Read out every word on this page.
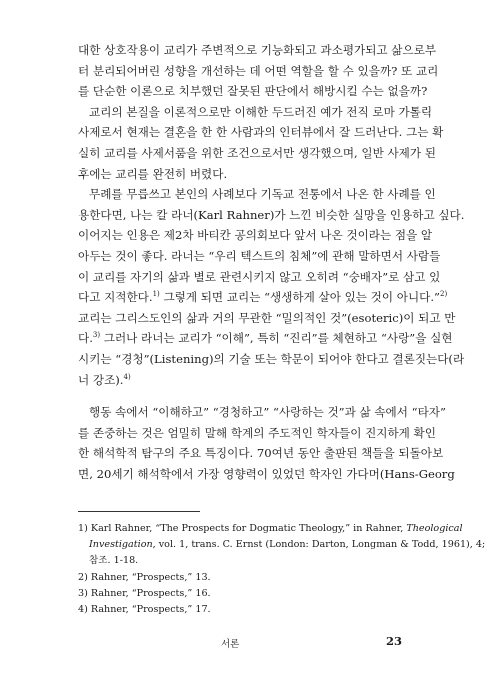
대한 상호작용이 교리가 주변적으로 기능화되고 과소평가되고 삶으로부
터 분리되어버린 성향을 개선하는 데 어떤 역할을 할 수 있을까? 또 교리
를 단순한 이론으로 치부했던 잘못된 판단에서 해방시킬 수는 없을까?

교리의 본질을 이론적으로만 이해한 두드러진 예가 전직 로마 가톨릭
사제로서 현재는 결혼을 한 한 사람과의 인터뷰에서 잘 드러난다. 그는 확
실히 교리를 사제서품을 위한 조건으로서만 생각했으며, 일반 사제가 된
후에는 교리를 완전히 버렸다.

무례를 무릅쓰고 본인의 사례보다 기독교 전통에서 나온 한 사례를 인
용한다면, 나는 칼 라너(Karl Rahner)가 느낀 비슷한 실망을 인용하고 싶다.
이어지는 인용은 제2차 바티칸 공의회보다 앞서 나온 것이라는 점을 알
아두는 것이 좋다. 라너는 “우리 텍스트의 침체”에 관해 말하면서 사람들
이 교리를 자기의 삶과 별로 관련시키지 않고 오히려 “숭배자”로 삼고 있
다고 지적한다.$^{1)}$ 그렇게 되면 교리는 “생생하게 살아 있는 것이 아니다.”$^{2)}$
교리는 그리스도인의 삶과 거의 무관한 “밀의적인 것”(esoteric)이 되고 만
다.$^{3)}$ 그러나 라너는 교리가 “이해”, 특히 “진리”를 체현하고 “사랑”을 실현
시키는 “경청”(Listening)의 기술 또는 학문이 되어야 한다고 결론짓는다(라
너 강조).$^{4)}$

행동 속에서 “이해하고” “경청하고” “사랑하는 것”과 삶 속에서 “타자”
를 존중하는 것은 엄밀히 말해 학계의 주도적인 학자들이 진지하게 확인
한 해석학적 탐구의 주요 특징이다. 70여년 동안 출판된 책들을 되돌아보
면, 20세기 해석학에서 가장 영향력이 있었던 학자인 가다머(Hans-Georg

1) Karl Rahner, “The Prospects for Dogmatic Theology,” in Rahner, Theological

Investigation, vol. 1, trans. C. Ernst (London: Darton, Longman & Todd, 1961), 4;

참조. 1-18.

2) Rahner, “Prospects,” 13.

3) Rahner, “Prospects,” 16.

4) Rahner, “Prospects,” 17.

서론	23
